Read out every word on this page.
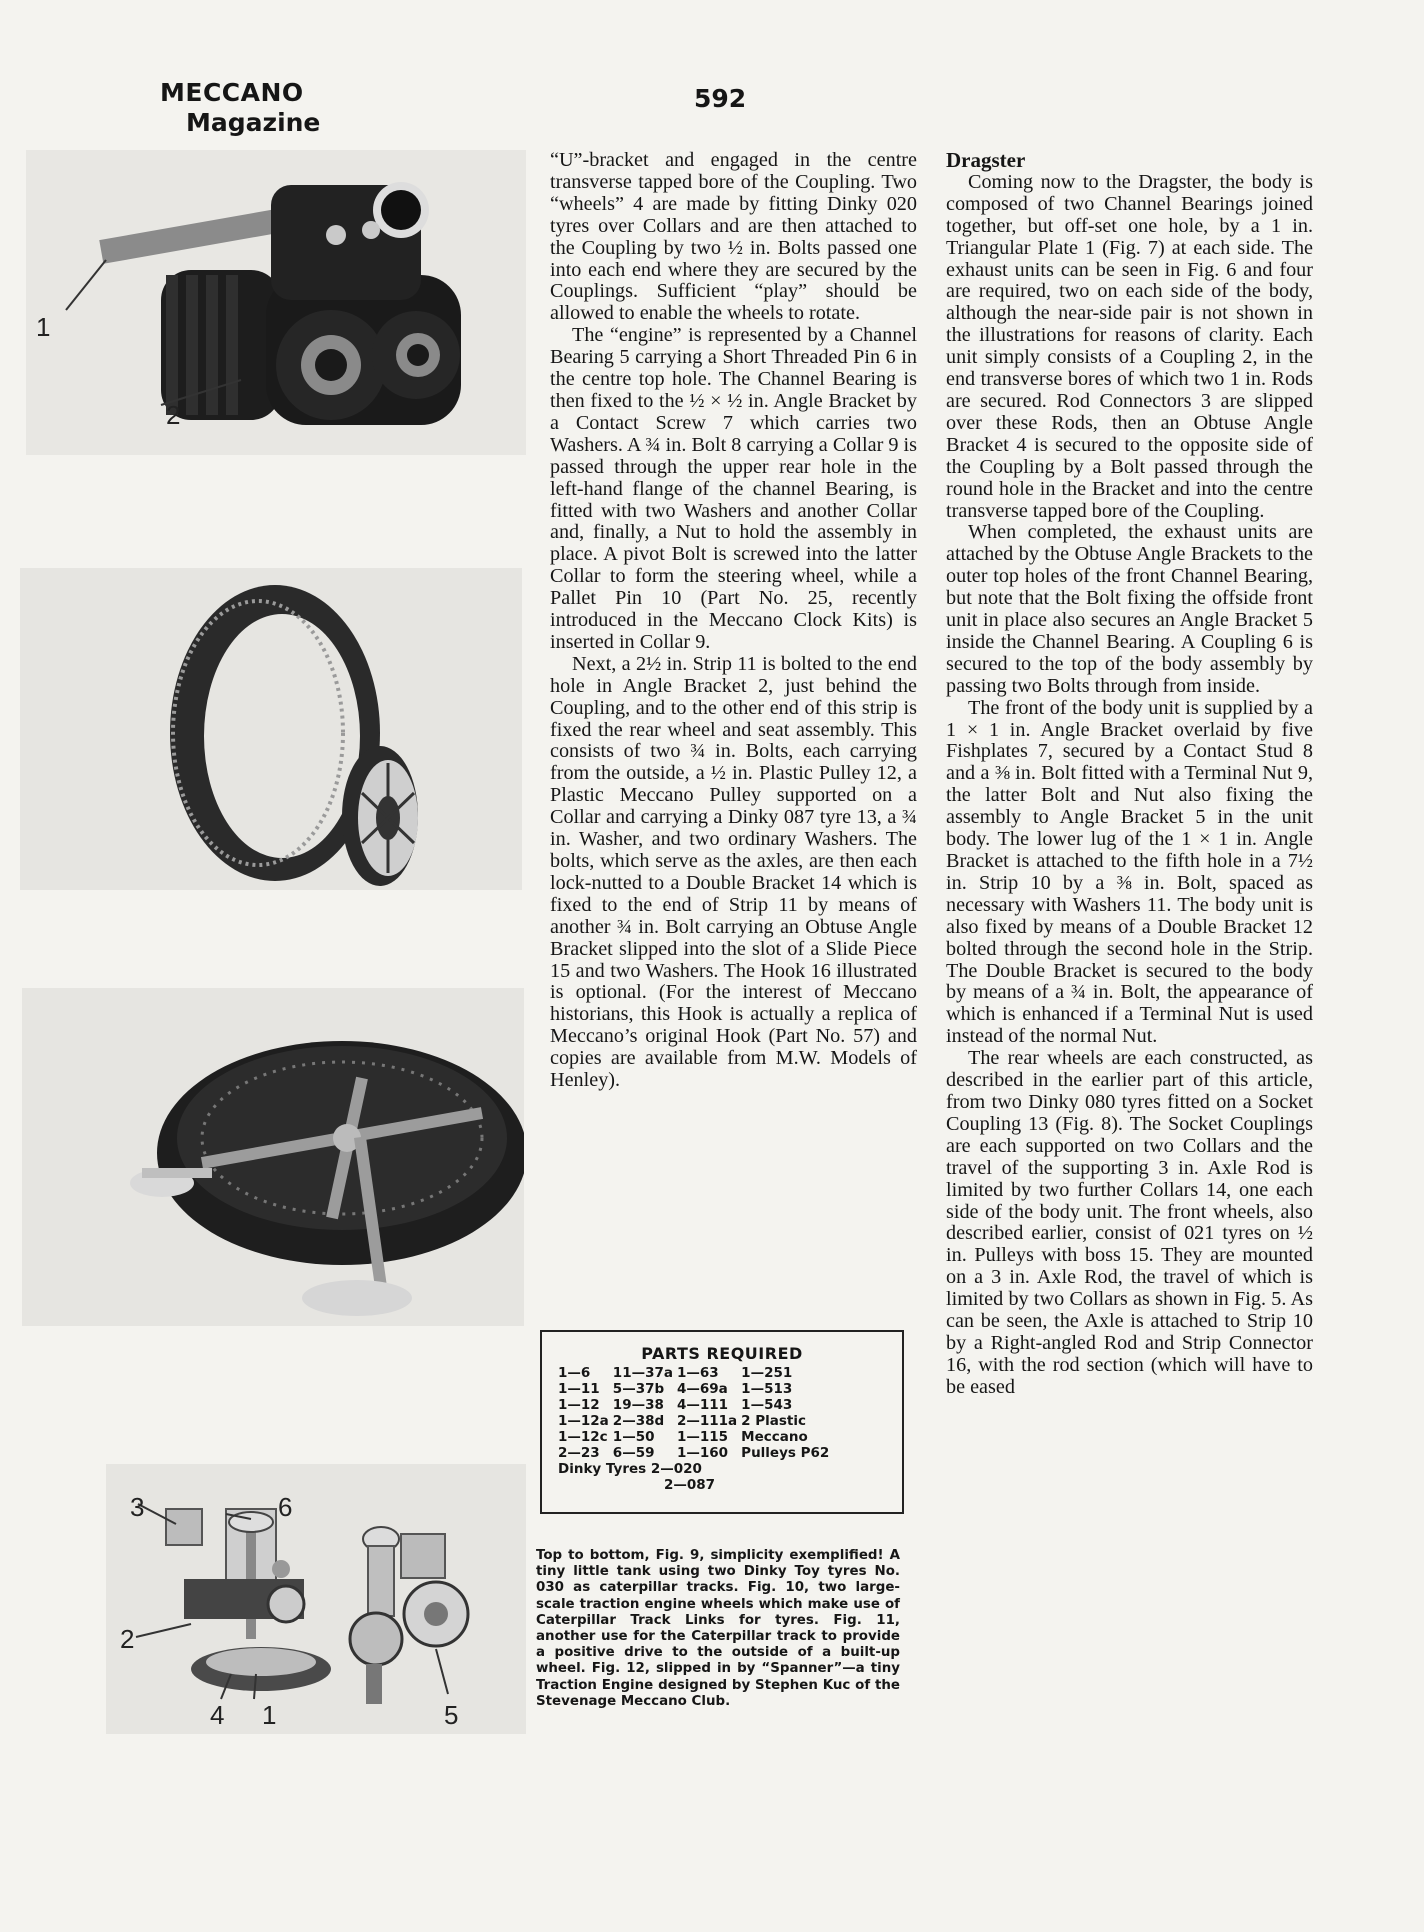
MECCANO
Magazine
592
1
2
3	6
2
4 1	5

“U”-bracket and engaged in the centre transverse tapped bore of the Coupling. Two “wheels” 4 are made by fitting Dinky 020 tyres over Collars and are then attached to the Coupling by two ½ in. Bolts passed one into each end where they are secured by the Couplings. Sufficient “play” should be allowed to enable the wheels to rotate.

The “engine” is represented by a Channel Bearing 5 carrying a Short Threaded Pin 6 in the centre top hole. The Channel Bearing is then fixed to the ½ × ½ in. Angle Bracket by a Contact Screw 7 which carries two Washers. A ¾ in. Bolt 8 carrying a Collar 9 is passed through the upper rear hole in the left-hand flange of the channel Bearing, is fitted with two Washers and another Collar and, finally, a Nut to hold the assembly in place. A pivot Bolt is screwed into the latter Collar to form the steering wheel, while a Pallet Pin 10 (Part No. 25, recently introduced in the Meccano Clock Kits) is inserted in Collar 9.

Next, a 2½ in. Strip 11 is bolted to the end hole in Angle Bracket 2, just behind the Coupling, and to the other end of this strip is fixed the rear wheel and seat assembly. This consists of two ¾ in. Bolts, each carrying from the outside, a ½ in. Plastic Pulley 12, a Plastic Meccano Pulley supported on a Collar and carrying a Dinky 087 tyre 13, a ¾ in. Washer, and two ordinary Washers. The bolts, which serve as the axles, are then each lock-nutted to a Double Bracket 14 which is fixed to the end of Strip 11 by means of another ¾ in. Bolt carrying an Obtuse Angle Bracket slipped into the slot of a Slide Piece 15 and two Washers. The Hook 16 illustrated is optional. (For the interest of Meccano historians, this Hook is actually a replica of Meccano’s original Hook (Part No. 57) and copies are available from M.W. Models of Henley).

Dragster

Coming now to the Dragster, the body is composed of two Channel Bearings joined together, but off-set one hole, by a 1 in. Triangular Plate 1 (Fig. 7) at each side. The exhaust units can be seen in Fig. 6 and four are required, two on each side of the body, although the near-side pair is not shown in the illustrations for reasons of clarity. Each unit simply consists of a Coupling 2, in the end transverse bores of which two 1 in. Rods are secured. Rod Connectors 3 are slipped over these Rods, then an Obtuse Angle Bracket 4 is secured to the opposite side of the Coupling by a Bolt passed through the round hole in the Bracket and into the centre transverse tapped bore of the Coupling.

When completed, the exhaust units are attached by the Obtuse Angle Brackets to the outer top holes of the front Channel Bearing, but note that the Bolt fixing the offside front unit in place also secures an Angle Bracket 5 inside the Channel Bearing. A Coupling 6 is secured to the top of the body assembly by passing two Bolts through from inside.

The front of the body unit is supplied by a 1 × 1 in. Angle Bracket overlaid by five Fishplates 7, secured by a Contact Stud 8 and a ⅜ in. Bolt fitted with a Terminal Nut 9, the latter Bolt and Nut also fixing the assembly to Angle Bracket 5 in the unit body. The lower lug of the 1 × 1 in. Angle Bracket is attached to the fifth hole in a 7½ in. Strip 10 by a ⅜ in. Bolt, spaced as necessary with Washers 11. The body unit is also fixed by means of a Double Bracket 12 bolted through the second hole in the Strip. The Double Bracket is secured to the body by means of a ¾ in. Bolt, the appearance of which is enhanced if a Terminal Nut is used instead of the normal Nut.

The rear wheels are each constructed, as described in the earlier part of this article, from two Dinky 080 tyres fitted on a Socket Coupling 13 (Fig. 8). The Socket Couplings are each supported on two Collars and the travel of the supporting 3 in. Axle Rod is limited by two further Collars 14, one each side of the body unit. The front wheels, also described earlier, consist of 021 tyres on ½ in. Pulleys with boss 15. They are mounted on a 3 in. Axle Rod, the travel of which is limited by two Collars as shown in Fig. 5. As can be seen, the Axle is attached to Strip 10 by a Right-angled Rod and Strip Connector 16, with the rod section (which will have to be eased

PARTS REQUIRED
1—6	11—37a	1—63	1—251
1—11	5—37b	4—69a	1—513
1—12	19—38	4—111	1—543
1—12a	2—38d	2—111a	2 Plastic
1—12c	1—50	1—115	Meccano
2—23	6—59	1—160	Pulleys P62
Dinky Tyres 2—020
2—087
Top to bottom, Fig. 9, simplicity exemplified! A tiny little tank using two Dinky Toy tyres No. 030 as caterpillar tracks. Fig. 10, two large-scale traction engine wheels which make use of Caterpillar Track Links for tyres. Fig. 11, another use for the Caterpillar track to provide a positive drive to the outside of a built-up wheel. Fig. 12, slipped in by “Spanner”—a tiny Traction Engine designed by Stephen Kuc of the Stevenage Meccano Club.
